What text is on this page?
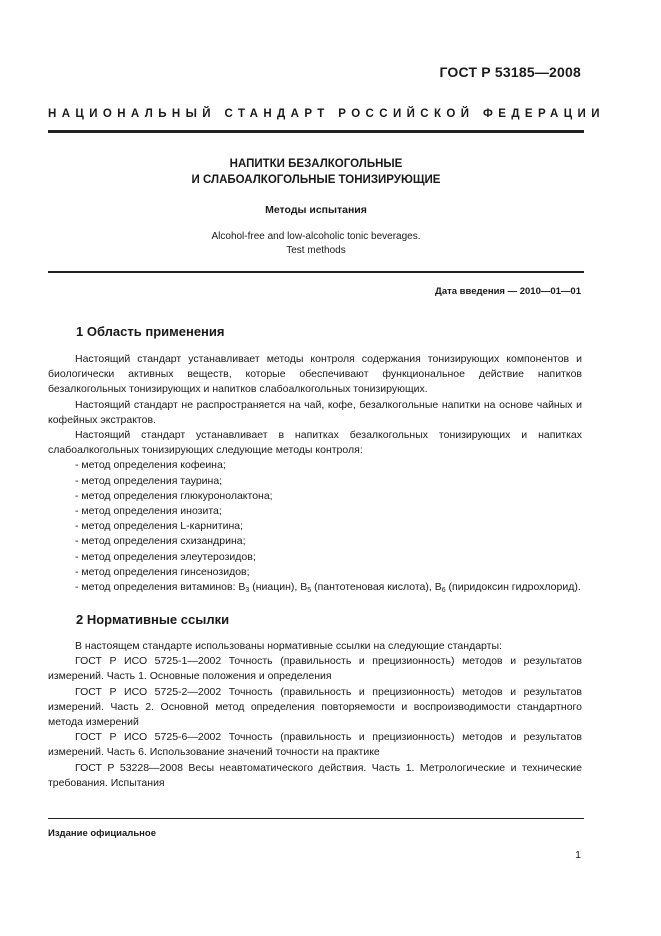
ГОСТ Р 53185—2008
НАЦИОНАЛЬНЫЙ СТАНДАРТ РОССИЙСКОЙ ФЕДЕРАЦИИ
НАПИТКИ БЕЗАЛКОГОЛЬНЫЕ
И СЛАБОАЛКОГОЛЬНЫЕ ТОНИЗИРУЮЩИЕ
Методы испытания
Alcohol-free and low-alcoholic tonic beverages.
Test methods
Дата введения — 2010—01—01
1 Область применения

Настоящий стандарт устанавливает методы контроля содержания тонизирующих компонентов и биологически активных веществ, которые обеспечивают функциональное действие напитков безалкогольных тонизирующих и напитков слабоалкогольных тонизирующих.

Настоящий стандарт не распространяется на чай, кофе, безалкогольные напитки на основе чайных и кофейных экстрактов.

Настоящий стандарт устанавливает в напитках безалкогольных тонизирующих и напитках слабоалкогольных тонизирующих следующие методы контроля:

- метод определения кофеина;

- метод определения таурина;

- метод определения глюкуронолактона;

- метод определения инозита;

- метод определения L-карнитина;

- метод определения схизандрина;

- метод определения элеутерозидов;

- метод определения гинсенозидов;

- метод определения витаминов: $B_3$ (ниацин), $B_5$ (пантотеновая кислота), $B_6$ (пиридоксин гидрохлорид).

2 Нормативные ссылки

В настоящем стандарте использованы нормативные ссылки на следующие стандарты:

ГОСТ Р ИСО 5725-1—2002 Точность (правильность и прецизионность) методов и результатов измерений. Часть 1. Основные положения и определения

ГОСТ Р ИСО 5725-2—2002 Точность (правильность и прецизионность) методов и результатов измерений. Часть 2. Основной метод определения повторяемости и воспроизводимости стандартного метода измерений

ГОСТ Р ИСО 5725-6—2002 Точность (правильность и прецизионность) методов и результатов измерений. Часть 6. Использование значений точности на практике

ГОСТ Р 53228—2008 Весы неавтоматического действия. Часть 1. Метрологические и технические требования. Испытания

Издание официальное
1
